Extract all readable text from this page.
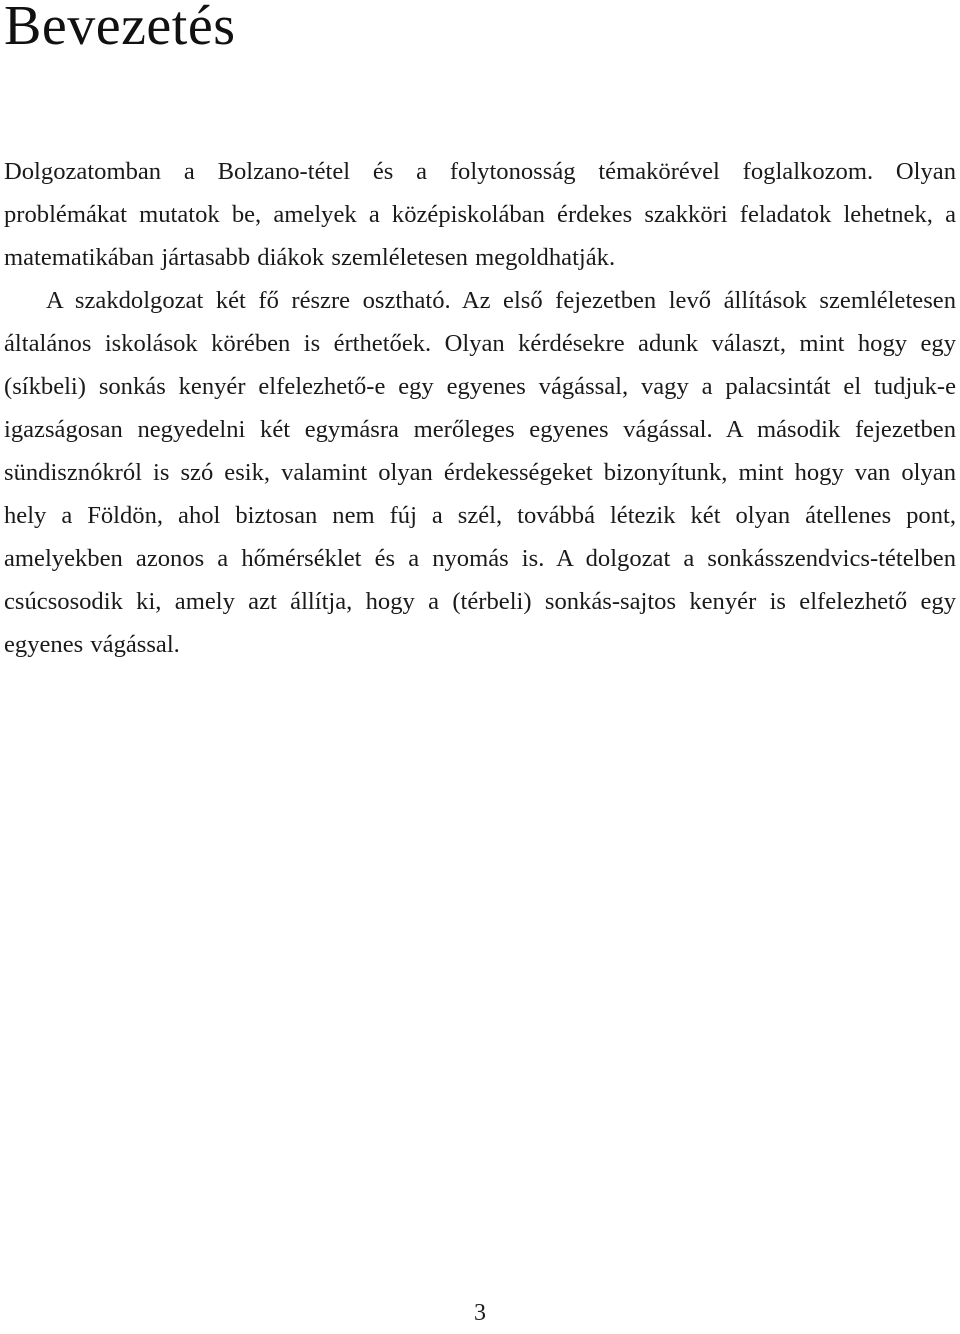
Bevezetés

Dolgozatomban a Bolzano-tétel és a folytonosság témakörével foglalkozom. Olyan problémákat mutatok be, amelyek a középiskolában érdekes szakköri feladatok lehetnek, a matematikában jártasabb diákok szemléletesen megoldhatják.

A szakdolgozat két fő részre osztható. Az első fejezetben levő állítások szemléletesen általános iskolások körében is érthetőek. Olyan kérdésekre adunk választ, mint hogy egy (síkbeli) sonkás kenyér elfelezhető-e egy egyenes vágással, vagy a palacsintát el tudjuk-e igazságosan negyedelni két egymásra merőleges egyenes vágással. A második fejezetben sündisznókról is szó esik, valamint olyan érdekességeket bizonyítunk, mint hogy van olyan hely a Földön, ahol biztosan nem fúj a szél, továbbá létezik két olyan átellenes pont, amelyekben azonos a hőmérséklet és a nyomás is. A dolgozat a sonkásszendvics-tételben csúcsosodik ki, amely azt állítja, hogy a (térbeli) sonkás-sajtos kenyér is elfelezhető egy egyenes vágással.

3
